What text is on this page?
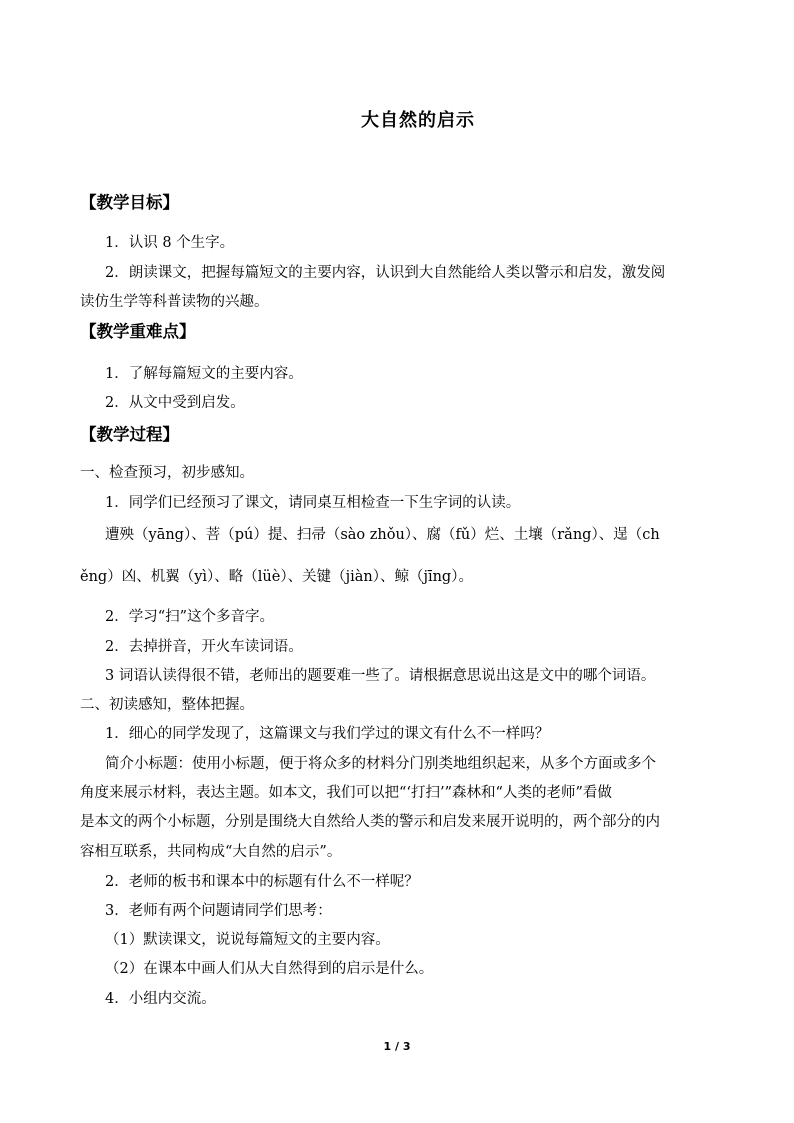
大自然的启示
【教学目标】
1．认识 8 个生字。
2．朗读课文，把握每篇短文的主要内容，认识到大自然能给人类以警示和启发，激发阅
读仿生学等科普读物的兴趣。
【教学重难点】
1．了解每篇短文的主要内容。
2．从文中受到启发。
【教学过程】
一、检查预习，初步感知。
1．同学们已经预习了课文，请同桌互相检查一下生字词的认读。
遭殃（yāng）、菩（pú）提、扫帚（sào zhǒu）、腐（fǔ）烂、土壤（rǎng）、逞（ch
ěng）凶、机翼（yì）、略（lüè）、关键（jiàn）、鲸（jīng）。
2．学习“扫”这个多音字。
2．去掉拼音，开火车读词语。
3 词语认读得很不错，老师出的题要难一些了。请根据意思说出这是文中的哪个词语。
二、初读感知，整体把握。
1．细心的同学发现了，这篇课文与我们学过的课文有什么不一样吗？
简介小标题：使用小标题，便于将众多的材料分门别类地组织起来，从多个方面或多个
角度来展示材料，表达主题。如本文，我们可以把“‘打扫’”森林和“人类的老师”看做
是本文的两个小标题，分别是围绕大自然给人类的警示和启发来展开说明的，两个部分的内
容相互联系，共同构成“大自然的启示”。
2．老师的板书和课本中的标题有什么不一样呢？
3．老师有两个问题请同学们思考：
（1）默读课文，说说每篇短文的主要内容。
（2）在课本中画人们从大自然得到的启示是什么。
4．小组内交流。
1 / 3
